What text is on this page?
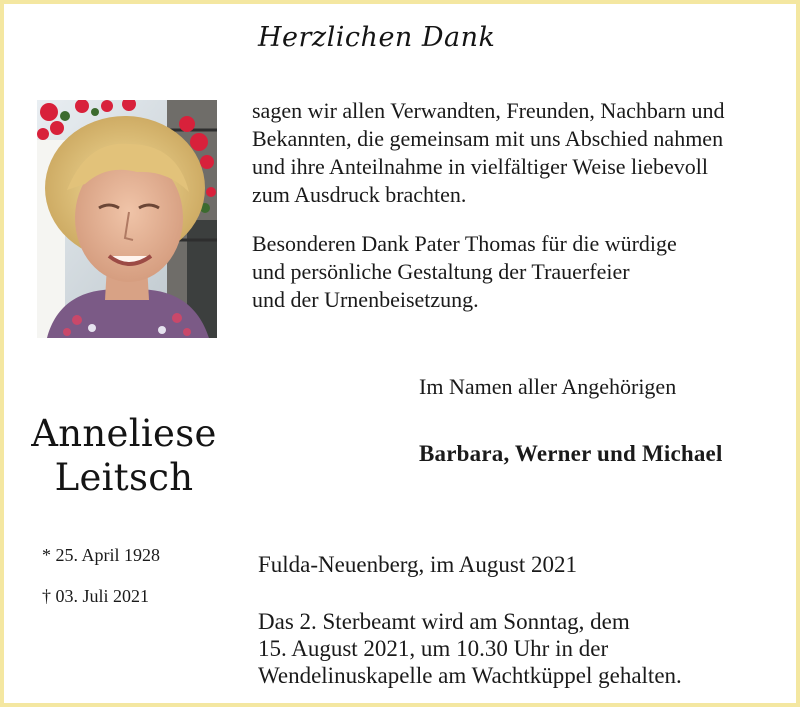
Herzlichen Dank

sagen wir allen Verwandten, Freunden, Nachbarn und
Bekannten, die gemeinsam mit uns Abschied nahmen
und ihre Anteilnahme in vielfältiger Weise liebevoll
zum Ausdruck brachten.

Besonderen Dank Pater Thomas für die würdige
und persönliche Gestaltung der Trauerfeier
und der Urnenbeisetzung.

Im Namen aller Angehörigen
Barbara, Werner und Michael
Anneliese
Leitsch
* 25. April 1928
† 03. Juli 2021
Fulda-Neuenberg, im August 2021
Das 2. Sterbeamt wird am Sonntag, dem
15. August 2021, um 10.30 Uhr in der
Wendelinuskapelle am Wachtküppel gehalten.
